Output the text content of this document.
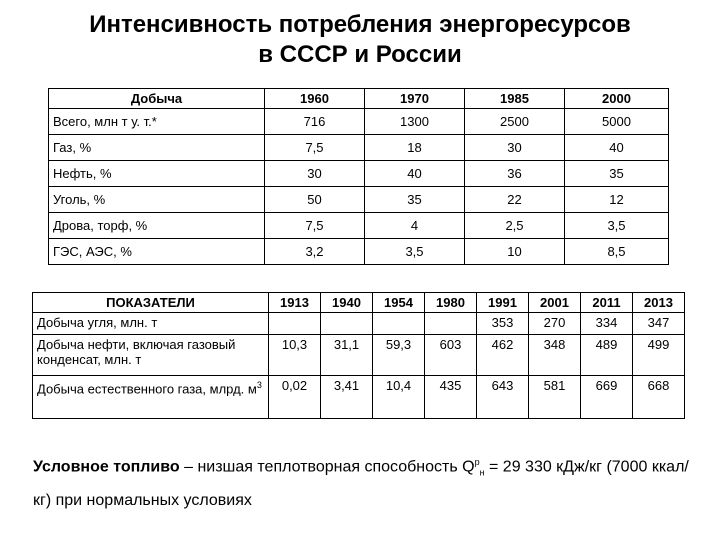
Интенсивность потребления энергоресурсов
в СССР и России
Добыча	1960	1970	1985	2000
Всего, млн т у. т.*	716	1300	2500	5000
Газ, %	7,5	18	30	40
Нефть, %	30	40	36	35
Уголь, %	50	35	22	12
Дрова, торф, %	7,5	4	2,5	3,5
ГЭС, АЭС, %	3,2	3,5	10	8,5
ПОКАЗАТЕЛИ	1913	1940	1954	1980	1991	2001	2011	2013
Добыча угля, млн. т					353	270	334	347
Добыча нефти, включая газовый конденсат, млн. т	10,3	31,1	59,3	603	462	348	489	499
Добыча естественного газа, млрд. $м^3$	0,02	3,41	10,4	435	643	581	669	668
Условное топливо – низшая теплотворная способность $Q^р_н = 29$ 330 кДж/кг (7000 ккал/кг) при нормальных условиях
